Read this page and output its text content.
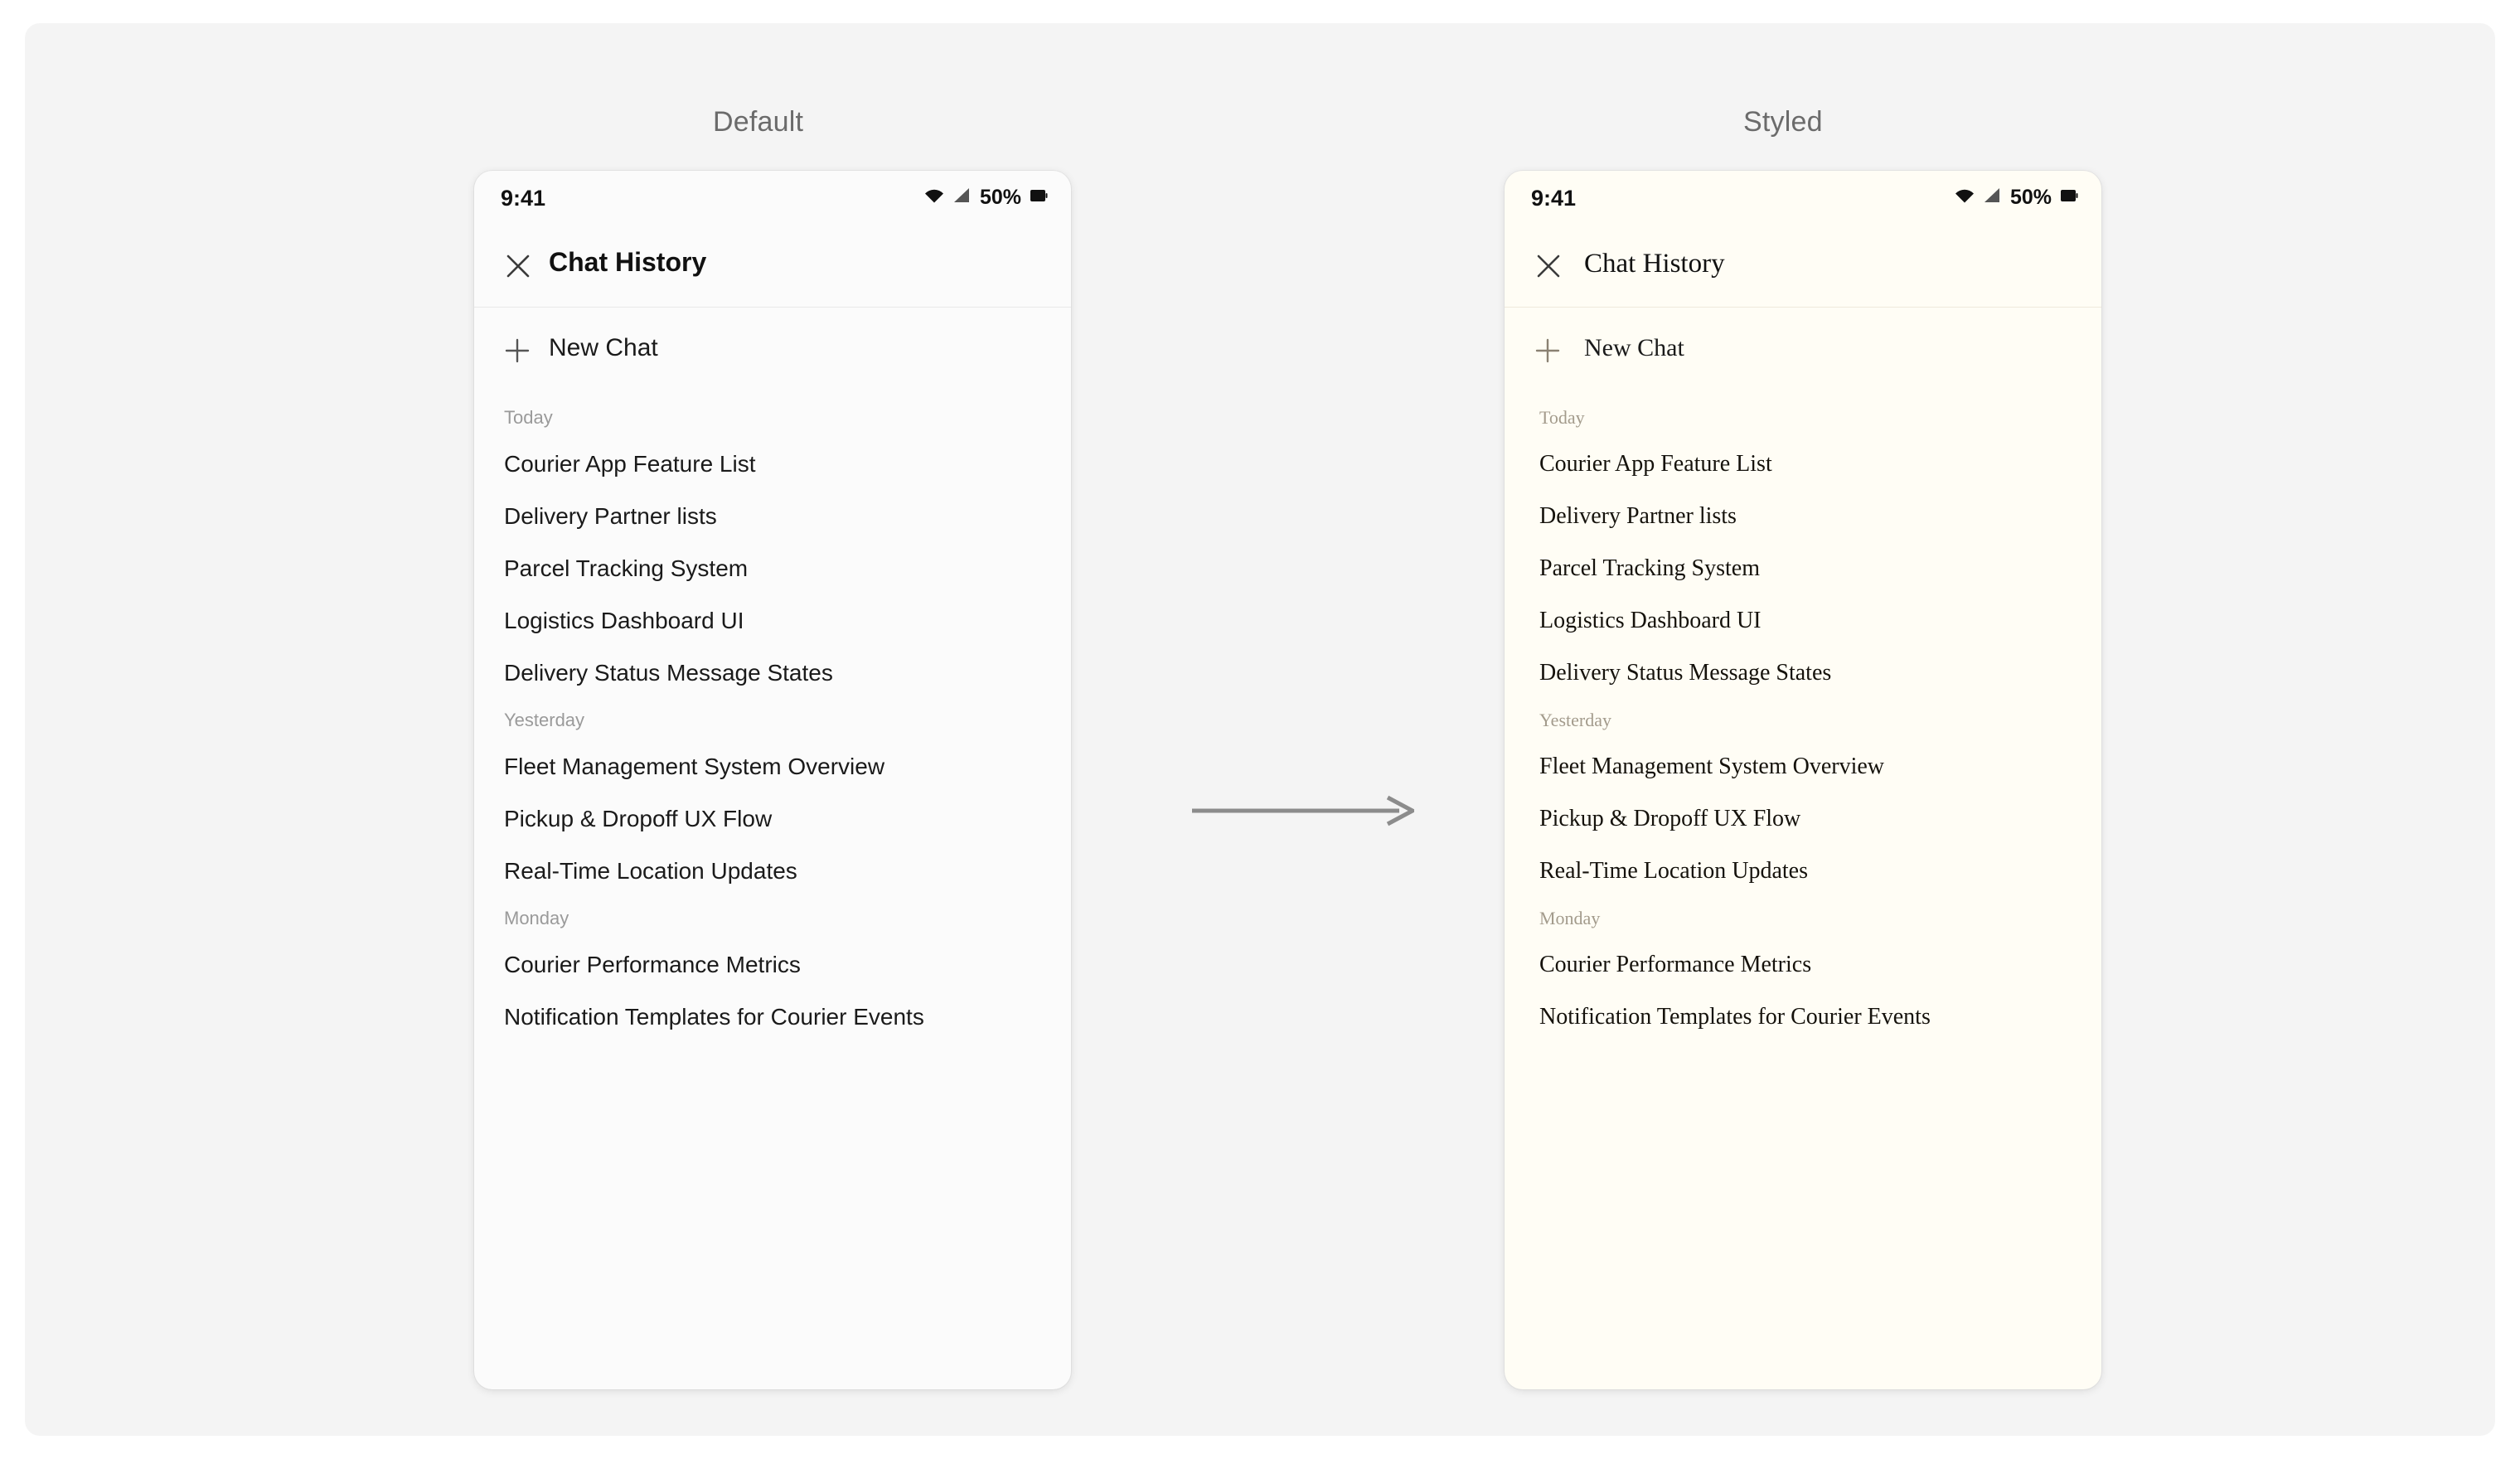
Default	Styled
9:41	50%
Chat History
New Chat
Today
Courier App Feature List
Delivery Partner lists
Parcel Tracking System
Logistics Dashboard UI
Delivery Status Message States
Yesterday
Fleet Management System Overview
Pickup & Dropoff UX Flow
Real-Time Location Updates
Monday
Courier Performance Metrics
Notification Templates for Courier Events
9:41	50%
Chat History
New Chat
Today
Courier App Feature List
Delivery Partner lists
Parcel Tracking System
Logistics Dashboard UI
Delivery Status Message States
Yesterday
Fleet Management System Overview
Pickup & Dropoff UX Flow
Real-Time Location Updates
Monday
Courier Performance Metrics
Notification Templates for Courier Events
